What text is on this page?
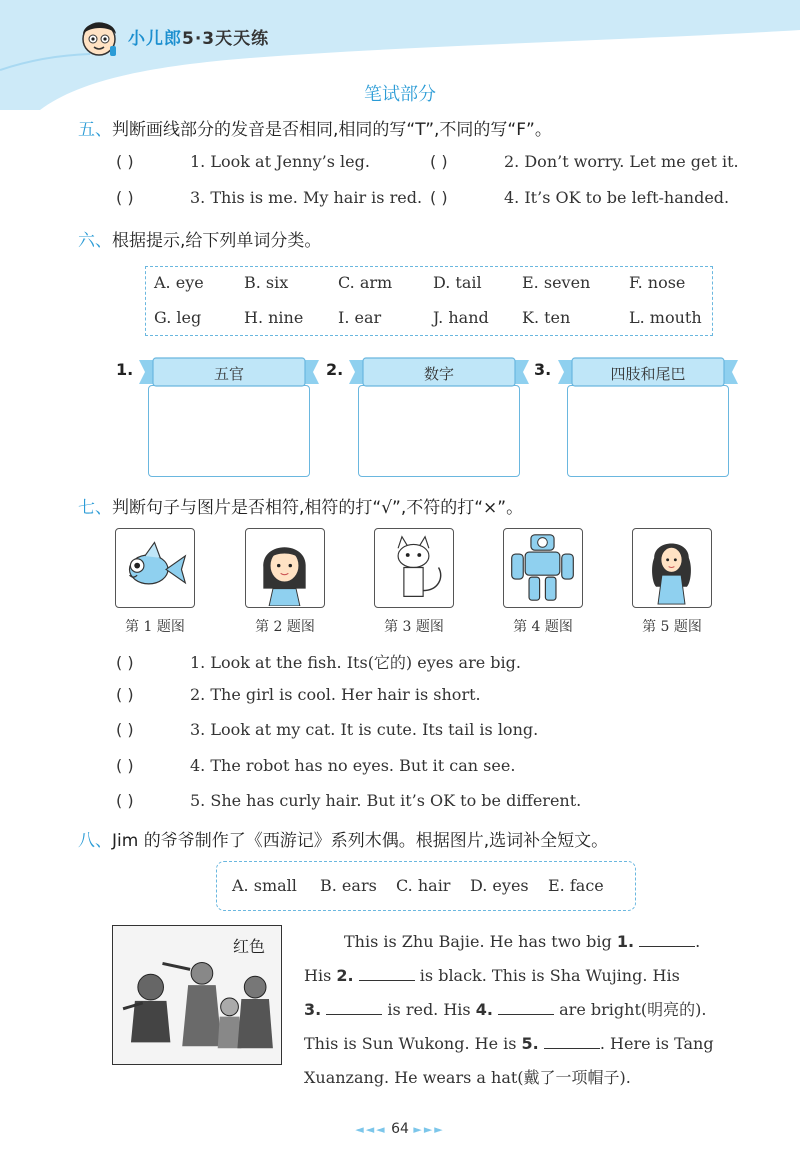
小儿郎5·3天天练
笔试部分
五、判断画线部分的发音是否相同,相同的写“T”,不同的写“F”。
( )	1. Look at Jenny’s leg.	( )	2. Don’t worry. Let me get it.
( )	3. This is me. My hair is red. ( )	4. It’s OK to be left-handed.
六、根据提示,给下列单词分类。
A. eye	B. six	C. arm	D. tail	E. seven F. nose
G. leg	H. nine I. ear	J. hand K. ten	L. mouth
1.	2.	3.
五官	数字	四肢和尾巴
七、判断句子与图片是否相符,相符的打“√”,不符的打“×”。
第 1 题图	第 2 题图	第 3 题图	第 4 题图	第 5 题图
( )	1. Look at the fish. Its(它的) eyes are big.
( )	2. The girl is cool. Her hair is short.
( )	3. Look at my cat. It is cute. Its tail is long.
( )	4. The robot has no eyes. But it can see.
( )	5. She has curly hair. But it’s OK to be different.
八、Jim 的爷爷制作了《西游记》系列木偶。根据图片,选词补全短文。
A. small B. ears C. hair D. eyes E. face
红色	This is Zhu Bajie. He has two big 1.	.
His 2.	is black. This is Sha Wujing. His
3.	is red. His 4.	are bright(明亮的).
This is Sun Wukong. He is 5.	. Here is Tang
Xuanzang. He wears a hat(戴了一项帽子).
◄◄◄ 64 ►►►
